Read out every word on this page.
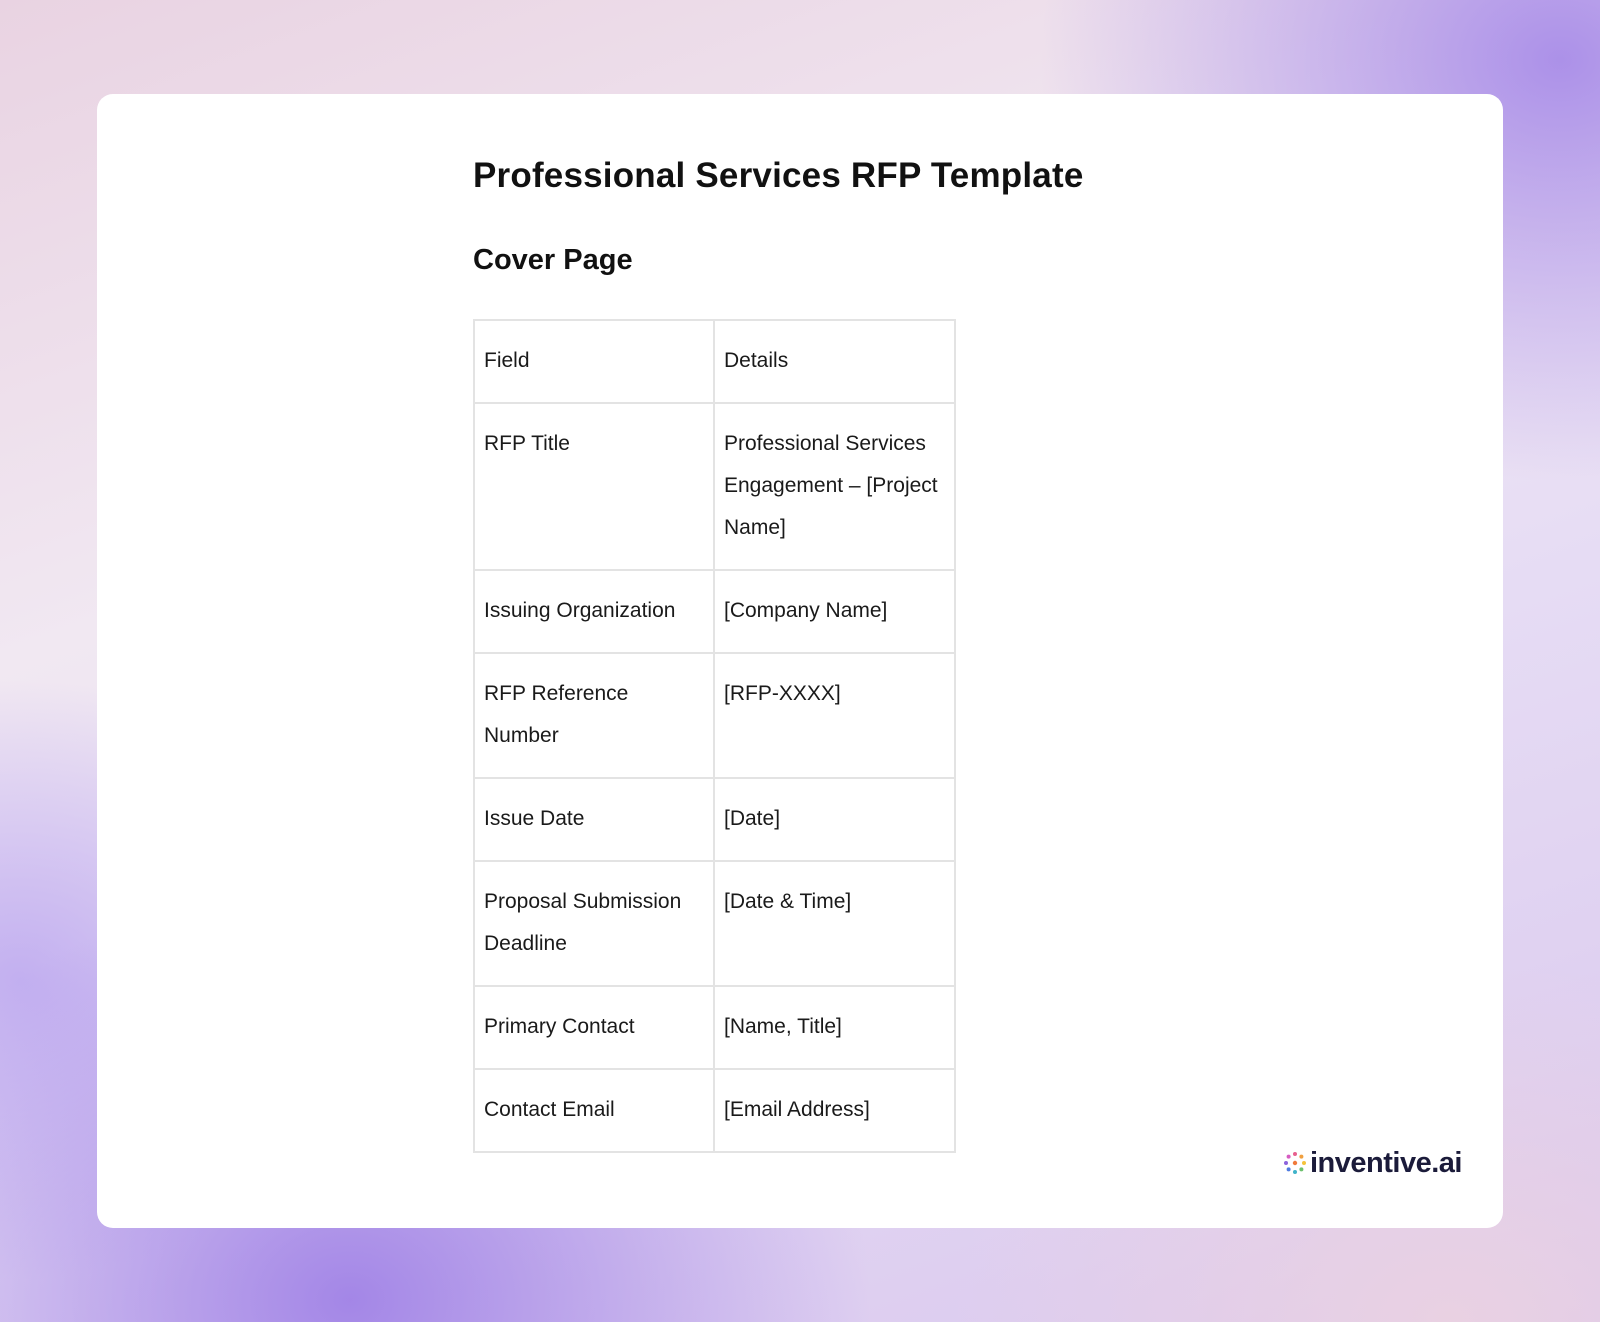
Professional Services RFP Template
Cover Page
Field	Details
RFP Title	Professional Services Engagement – [Project Name]
Issuing Organization	[Company Name]
RFP Reference Number	[RFP-XXXX]
Issue Date	[Date]
Proposal Submission Deadline	[Date & Time]
Primary Contact	[Name, Title]
Contact Email	[Email Address]
inventive.ai
